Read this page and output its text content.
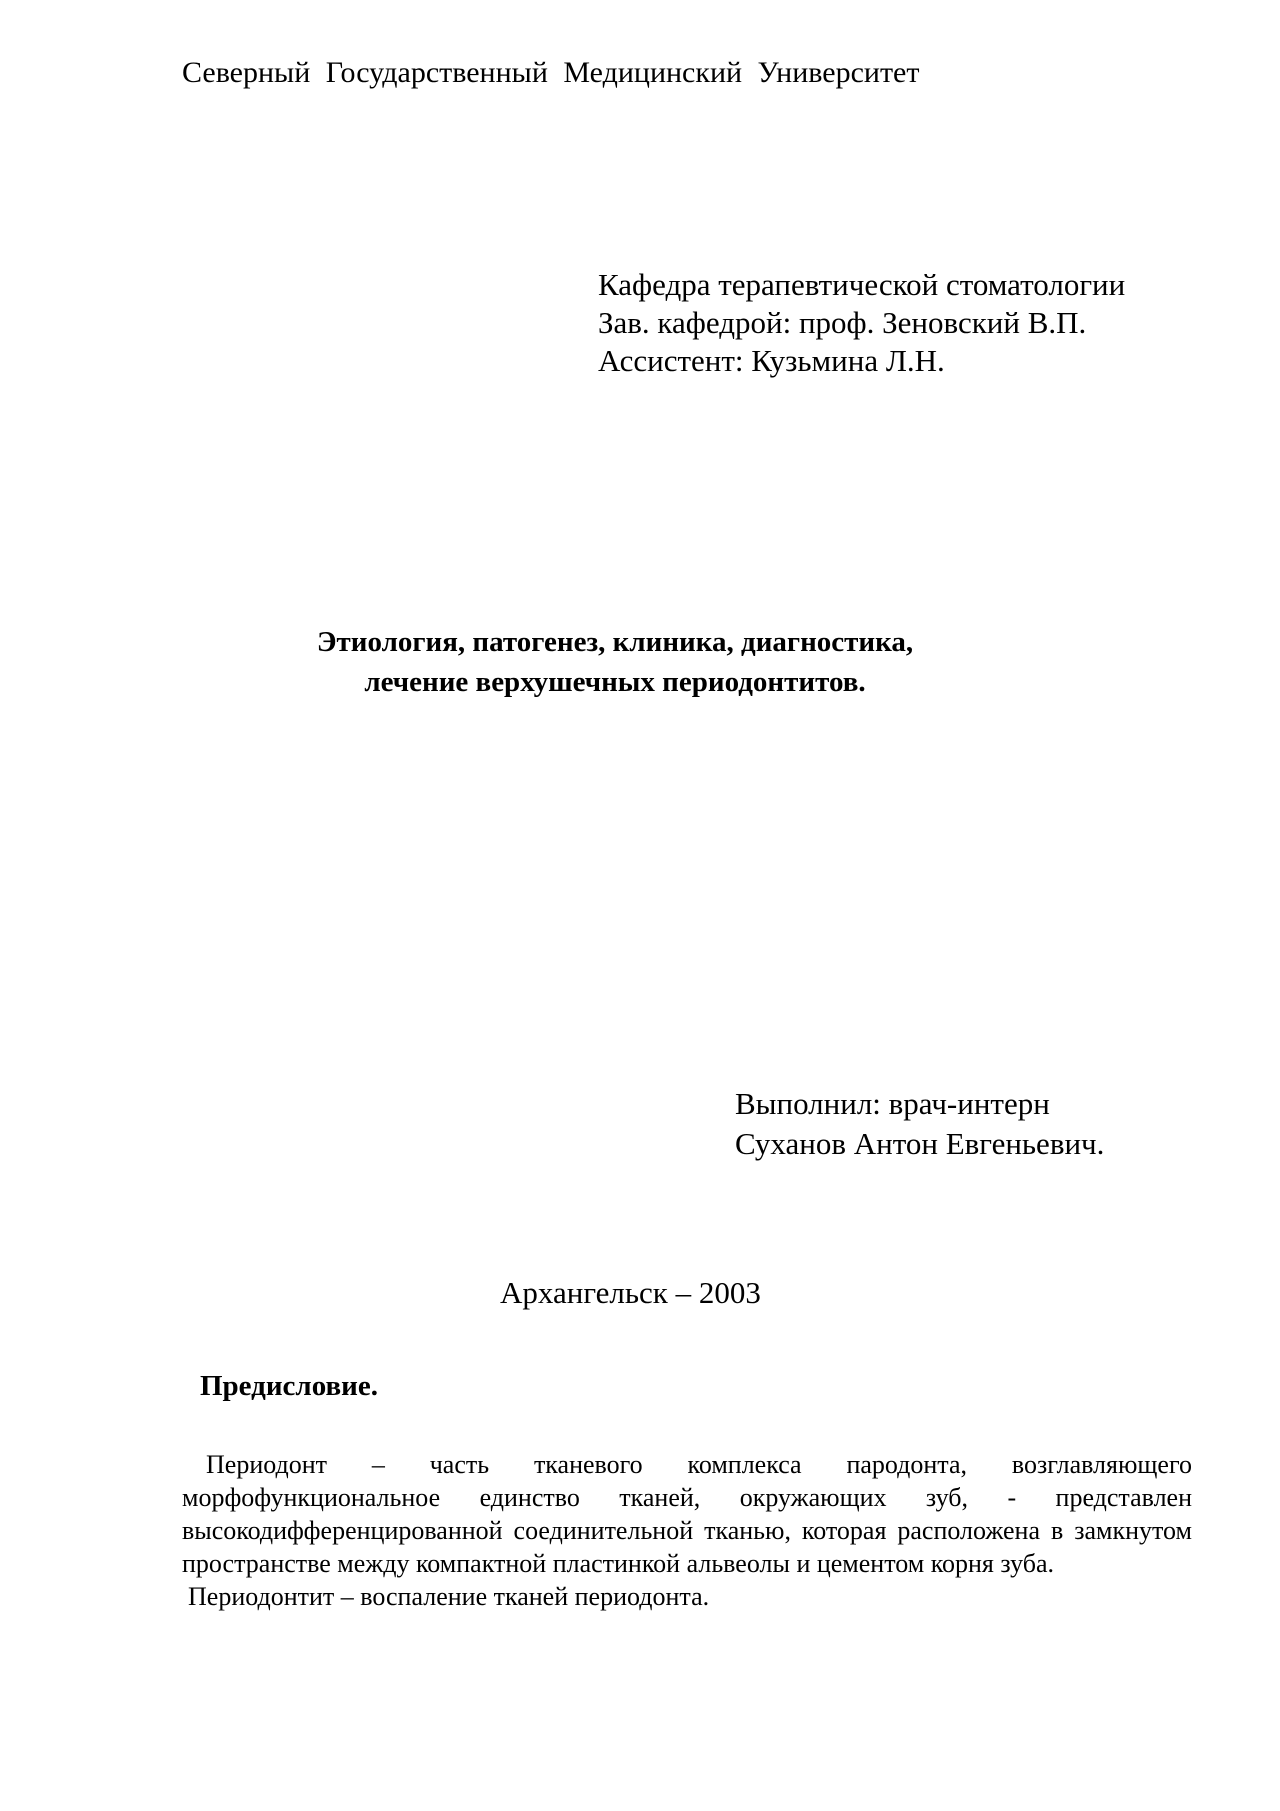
Северный Государственный Медицинский Университет
Кафедра терапевтической стоматологии
Зав. кафедрой: проф. Зеновский В.П.
Ассистент: Кузьмина Л.Н.
Этиология, патогенез, клиника, диагностика,
лечение верхушечных периодонтитов.
Выполнил: врач-интерн
Суханов Антон Евгеньевич.
Архангельск – 2003
Предисловие.

Периодонт – часть тканевого комплекса пародонта, возглавляющего морфофункциональное единство тканей, окружающих зуб, - представлен высокодифференцированной соединительной тканью, которая расположена в замкнутом пространстве между компактной пластинкой альвеолы и цементом корня зуба.

Периодонтит – воспаление тканей периодонта.
